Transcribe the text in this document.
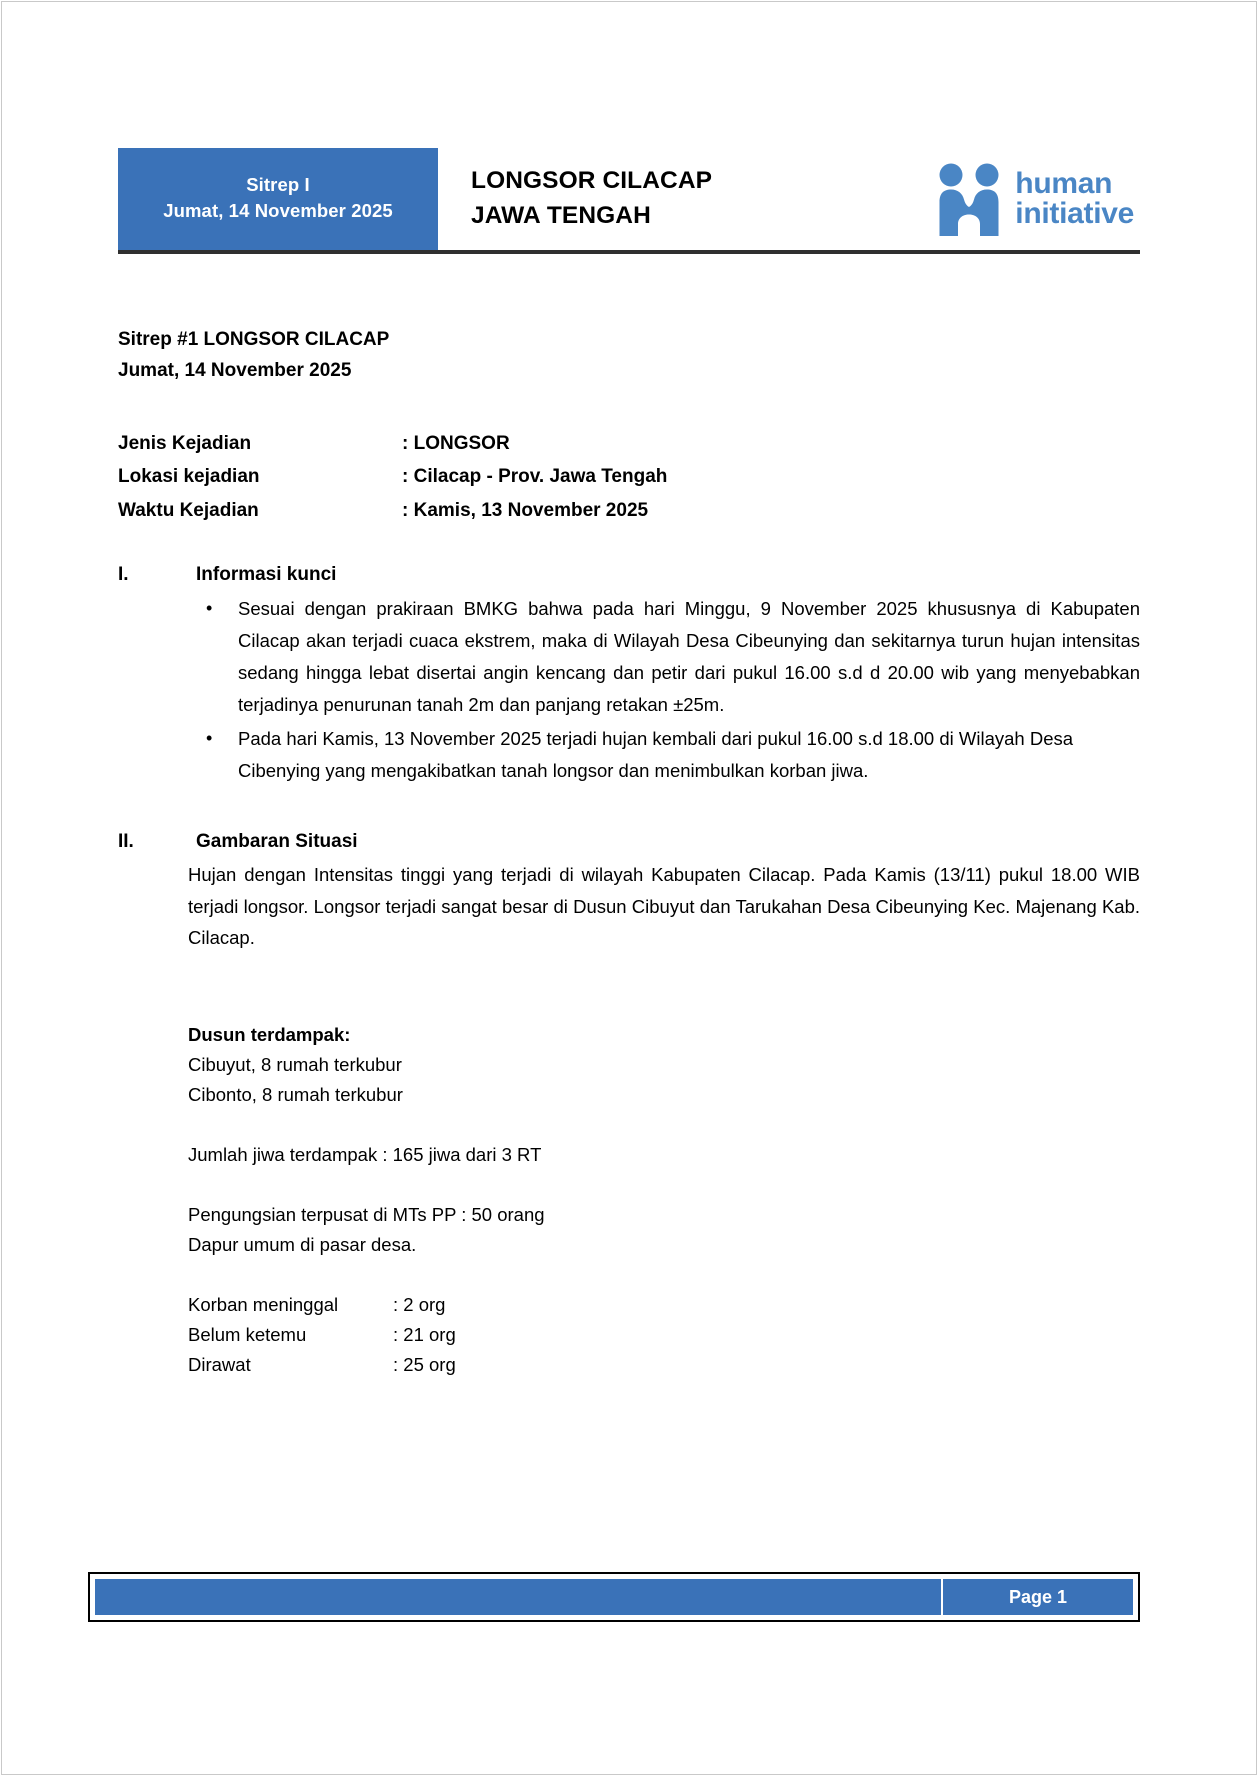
Sitrep I
Jumat, 14 November 2025
LONGSOR CILACAP
JAWA TENGAH
human
initiative
Sitrep #1 LONGSOR CILACAP
Jumat, 14 November 2025
Jenis Kejadian	: LONGSOR
Lokasi kejadian	: Cilacap - Prov. Jawa Tengah
Waktu Kejadian	: Kamis, 13 November 2025
I.	Informasi kunci
•	Sesuai dengan prakiraan BMKG bahwa pada hari Minggu, 9 November 2025 khususnya di Kabupaten Cilacap akan terjadi cuaca ekstrem, maka di Wilayah Desa Cibeunying dan sekitarnya turun hujan intensitas sedang hingga lebat disertai angin kencang dan petir dari pukul 16.00 s.d d 20.00 wib yang menyebabkan terjadinya penurunan tanah 2m dan panjang retakan ±25m.
•	Pada hari Kamis, 13 November 2025 terjadi hujan kembali dari pukul 16.00 s.d 18.00 di Wilayah Desa Cibenying yang mengakibatkan tanah longsor dan menimbulkan korban jiwa.
II.	Gambaran Situasi
Hujan dengan Intensitas tinggi yang terjadi di wilayah Kabupaten Cilacap. Pada Kamis (13/11) pukul 18.00 WIB terjadi longsor. Longsor terjadi sangat besar di Dusun Cibuyut dan Tarukahan Desa Cibeunying Kec. Majenang Kab. Cilacap.
Dusun terdampak:
Cibuyut, 8 rumah terkubur
Cibonto, 8 rumah terkubur
Jumlah jiwa terdampak : 165 jiwa dari 3 RT
Pengungsian terpusat di MTs PP : 50 orang
Dapur umum di pasar desa.
Korban meninggal	: 2 org
Belum ketemu	: 21 org
Dirawat	: 25 org
Page 1
